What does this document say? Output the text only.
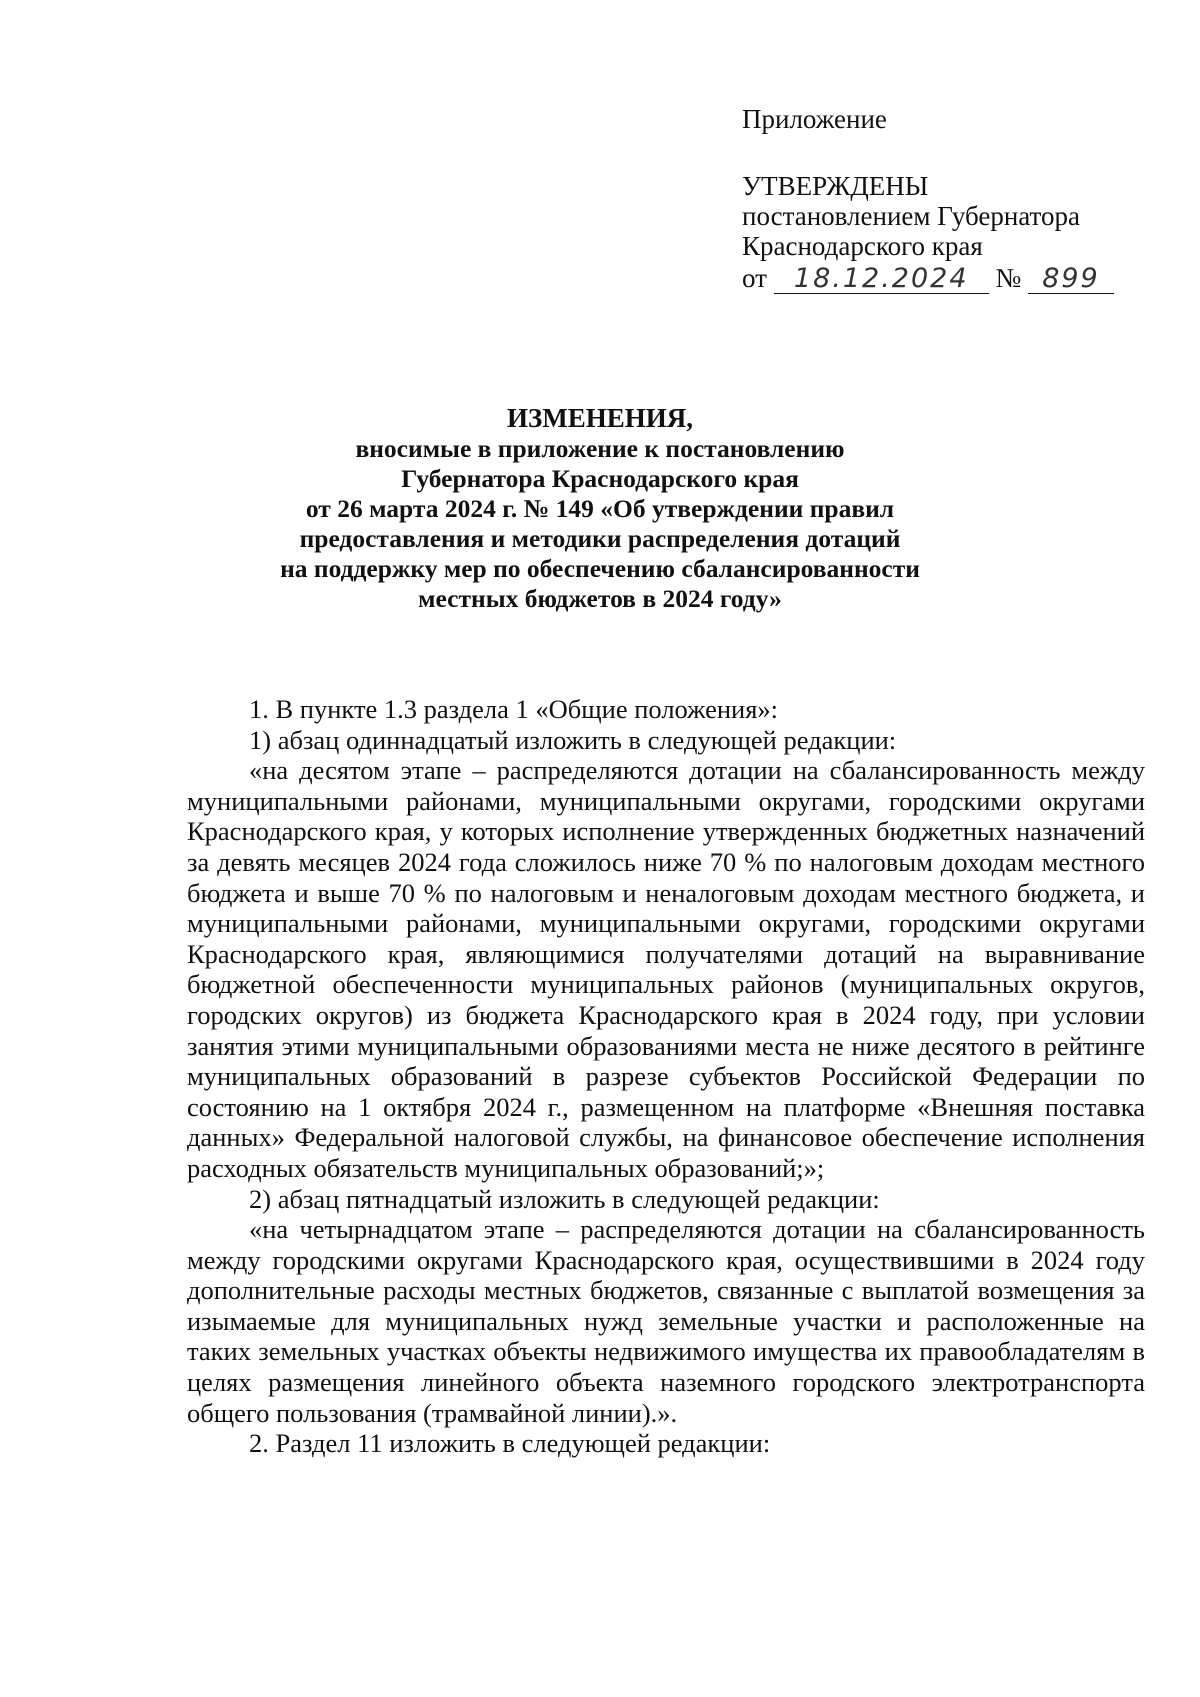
Приложение
УТВЕРЖДЕНЫ
постановлением Губернатора
Краснодарского края
от 18.12.2024 № 899
ИЗМЕНЕНИЯ,
вносимые в приложение к постановлению
Губернатора Краснодарского края
от 26 марта 2024 г. № 149 «Об утверждении правил
предоставления и методики распределения дотаций
на поддержку мер по обеспечению сбалансированности
местных бюджетов в 2024 году»

1. В пункте 1.3 раздела 1 «Общие положения»:

1) абзац одиннадцатый изложить в следующей редакции:

«на десятом этапе – распределяются дотации на сбалансированность между муниципальными районами, муниципальными округами, городскими округами Краснодарского края, у которых исполнение утвержденных бюджетных назначений за девять месяцев 2024 года сложилось ниже 70 % по налоговым доходам местного бюджета и выше 70 % по налоговым и неналоговым доходам местного бюджета, и муниципальными районами, муниципальными округами, городскими округами Краснодарского края, являющимися получателями дотаций на выравнивание бюджетной обеспеченности муниципальных районов (муниципальных округов, городских округов) из бюджета Краснодарского края в 2024 году, при условии занятия этими муниципальными образованиями места не ниже десятого в рейтинге муниципальных образований в разрезе субъектов Российской Федерации по состоянию на 1 октября 2024 г., размещенном на платформе «Внешняя поставка данных» Федеральной налоговой службы, на финансовое обеспечение исполнения расходных обязательств муниципальных образований;»;

2) абзац пятнадцатый изложить в следующей редакции:

«на четырнадцатом этапе – распределяются дотации на сбалансированность между городскими округами Краснодарского края, осуществившими в 2024 году дополнительные расходы местных бюджетов, связанные с выплатой возмещения за изымаемые для муниципальных нужд земельные участки и расположенные на таких земельных участках объекты недвижимого имущества их правообладателям в целях размещения линейного объекта наземного городского электротранспорта общего пользования (трамвайной линии).».

2. Раздел 11 изложить в следующей редакции:
